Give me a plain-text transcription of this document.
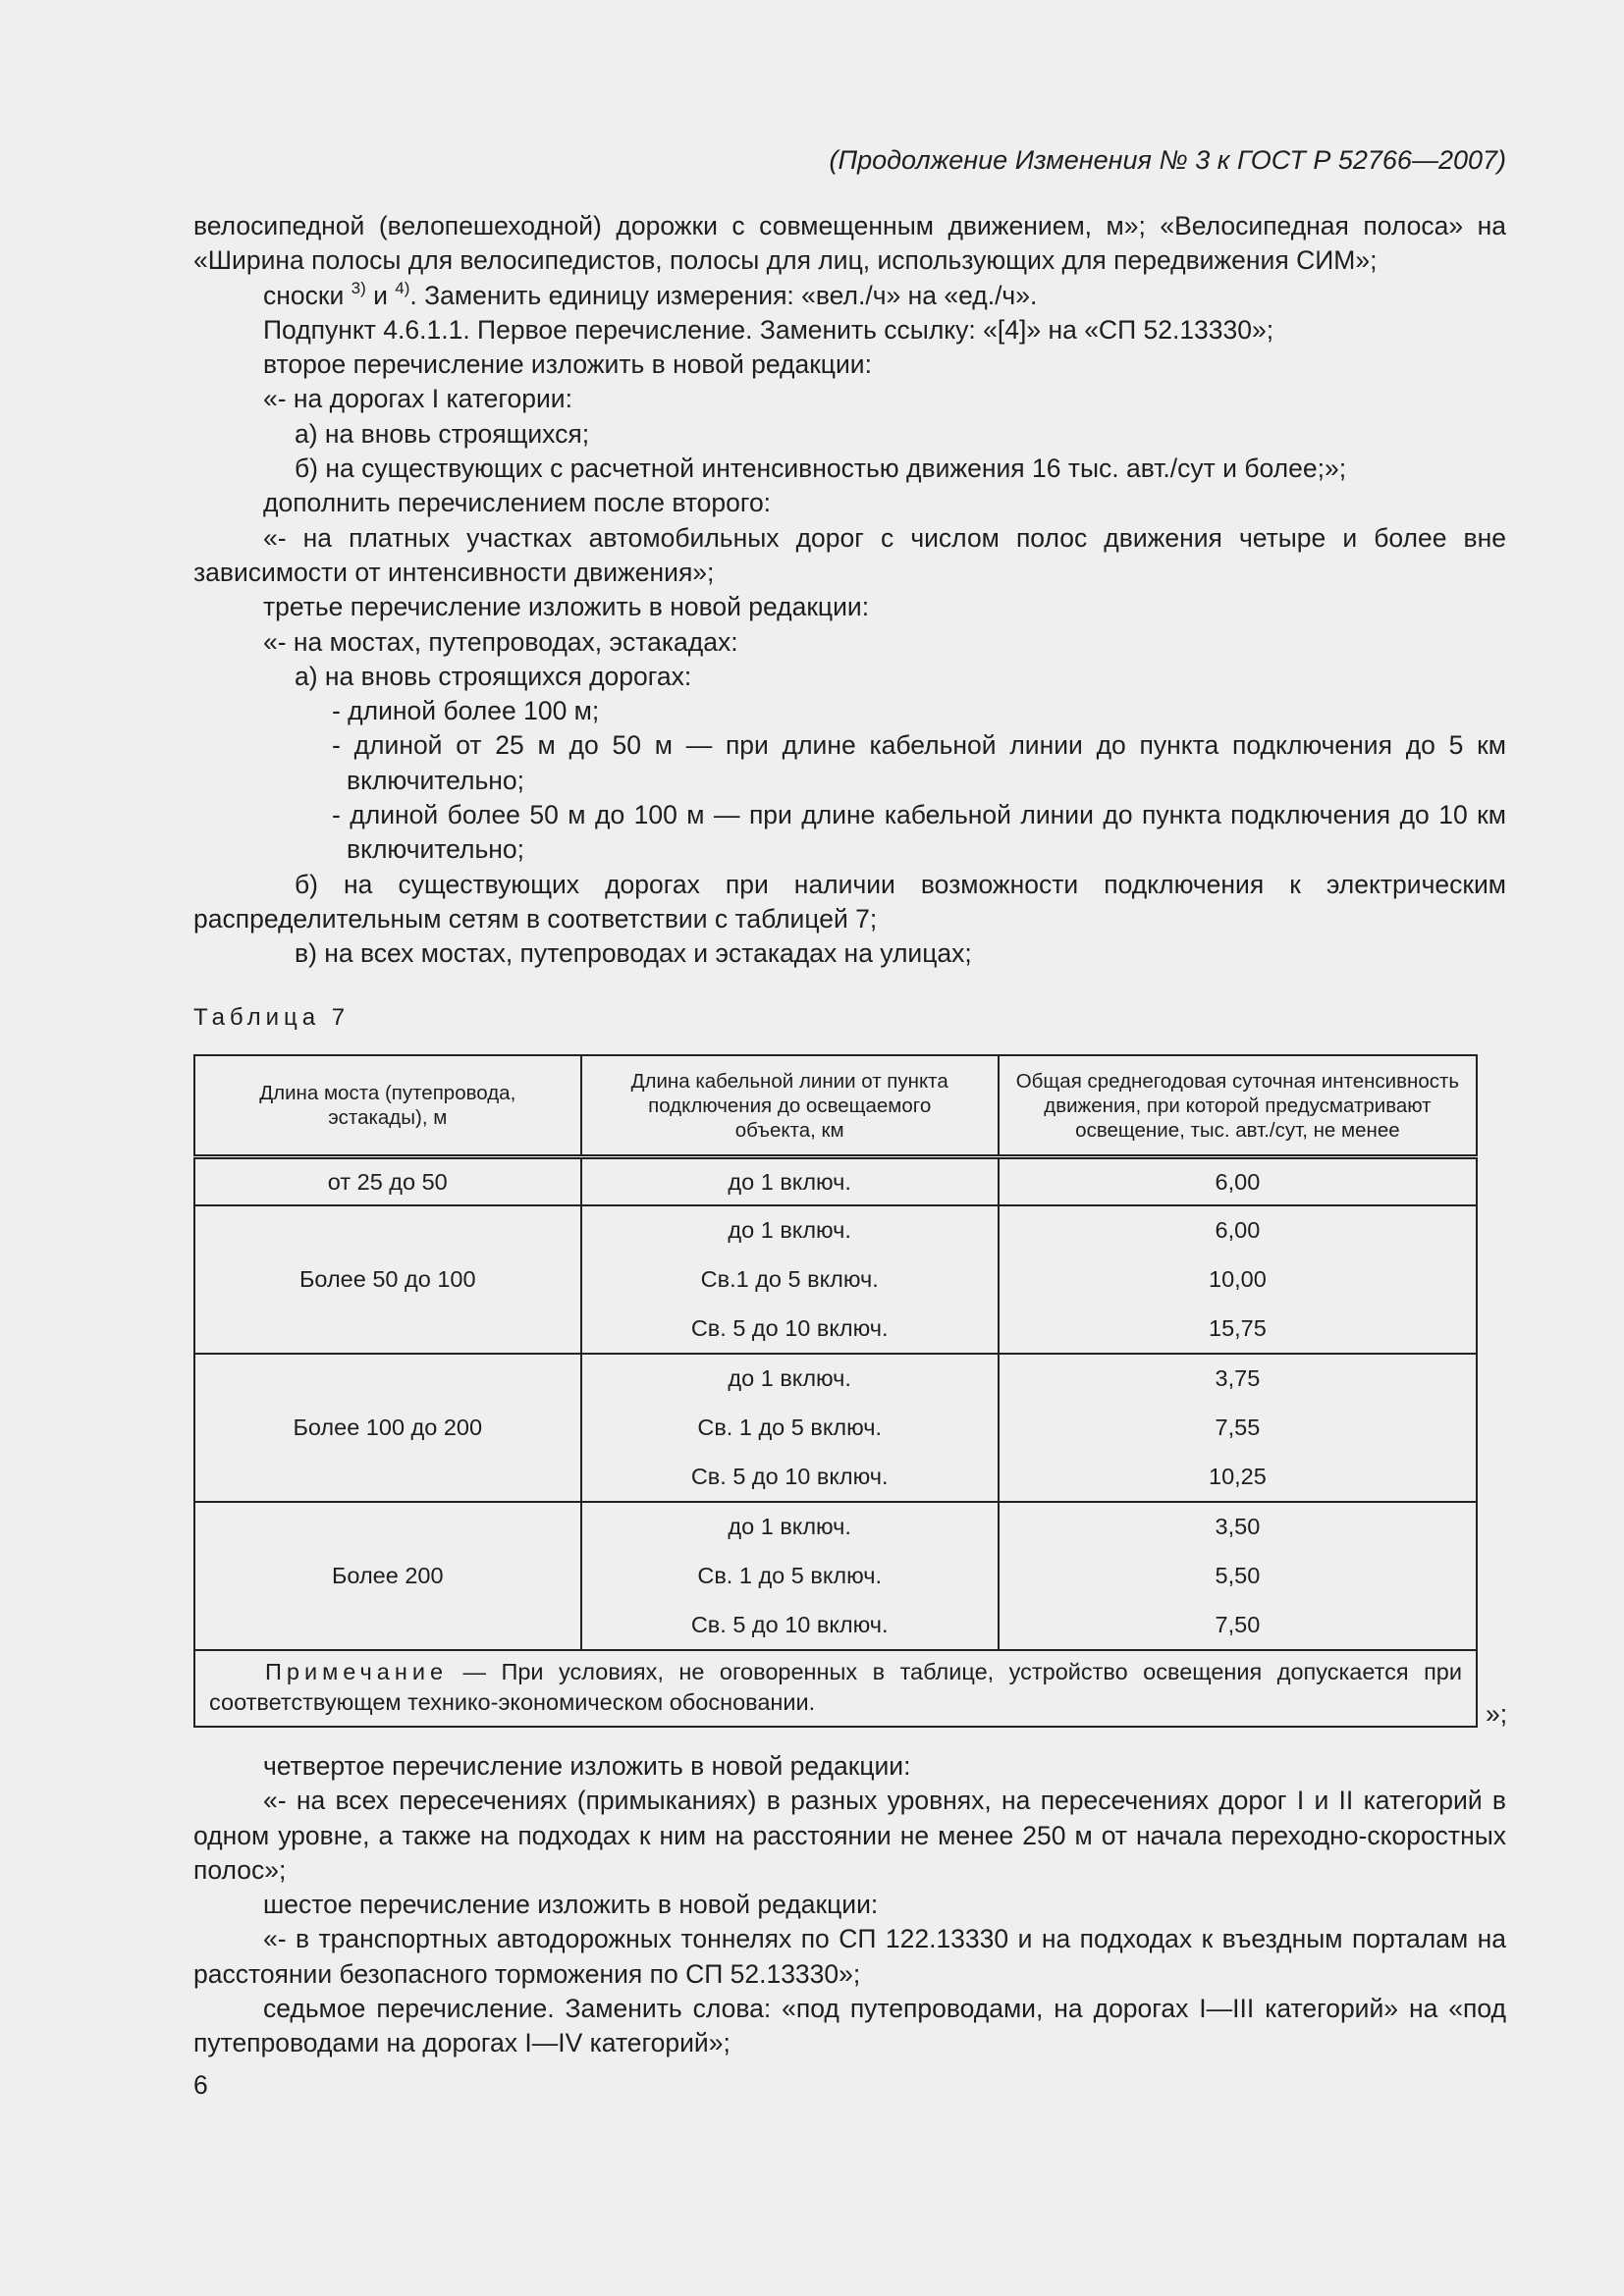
(Продолжение Изменения № 3 к ГОСТ Р 52766—2007)

велосипедной (велопешеходной) дорожки с совмещенным движением, м»; «Велосипедная полоса» на «Ширина полосы для велосипедистов, полосы для лиц, использующих для передвижения СИМ»;

сноски $^{3)}$ и $^{4)}$. Заменить единицу измерения: «вел./ч» на «ед./ч».

Подпункт 4.6.1.1. Первое перечисление. Заменить ссылку: «[4]» на «СП 52.13330»;

второе перечисление изложить в новой редакции:

«- на дорогах I категории:

а) на вновь строящихся;

б) на существующих с расчетной интенсивностью движения 16 тыс. авт./сут и более;»;

дополнить перечислением после второго:

«- на платных участках автомобильных дорог с числом полос движения четыре и более вне зависимости от интенсивности движения»;

третье перечисление изложить в новой редакции:

«- на мостах, путепроводах, эстакадах:

а) на вновь строящихся дорогах:

- длиной более 100 м;

- длиной от 25 м до 50 м — при длине кабельной линии до пункта подключения до 5 км включительно;

- длиной более 50 м до 100 м — при длине кабельной линии до пункта подключения до 10 км включительно;

б) на существующих дорогах при наличии возможности подключения к электрическим распределительным сетям в соответствии с таблицей 7;

в) на всех мостах, путепроводах и эстакадах на улицах;

Таблица 7
Длина моста (путепровода, эстакады), м	Длина кабельной линии от пункта подключения до освещаемого объекта, км	Общая среднегодовая суточная интенсивность движения, при которой предусматривают освещение, тыс. авт./сут, не менее
от 25 до 50	до 1 включ.	6,00
Более 50 до 100	до 1 включ.	6,00
	Св.1 до 5 включ.	10,00
	Св. 5 до 10 включ.	15,75
Более 100 до 200	до 1 включ.	3,75
	Св. 1 до 5 включ.	7,55
	Св. 5 до 10 включ.	10,25
Более 200	до 1 включ.	3,50
	Св. 1 до 5 включ.	5,50
	Св. 5 до 10 включ.	7,50
Примечание — При условиях, не оговоренных в таблице, устройство освещения допускается при соответствующем технико-экономическом обосновании.			»;

четвертое перечисление изложить в новой редакции:

«- на всех пересечениях (примыканиях) в разных уровнях, на пересечениях дорог I и II категорий в одном уровне, а также на подходах к ним на расстоянии не менее 250 м от начала переходно-скоростных полос»;

шестое перечисление изложить в новой редакции:

«- в транспортных автодорожных тоннелях по СП 122.13330 и на подходах к въездным порталам на расстоянии безопасного торможения по СП 52.13330»;

седьмое перечисление. Заменить слова: «под путепроводами, на дорогах I—III категорий» на «под путепроводами на дорогах I—IV категорий»;

6
